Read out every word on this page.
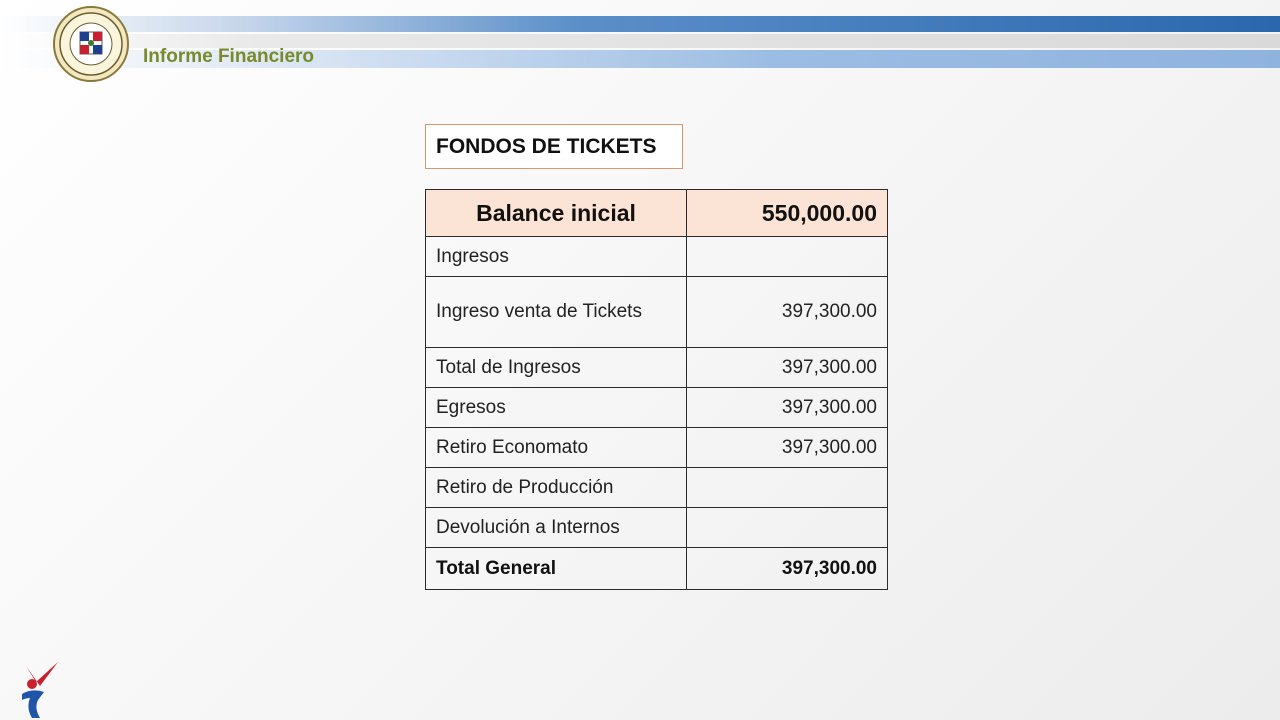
Informe Financiero
FONDOS DE TICKETS
Balance inicial	550,000.00
Ingresos	
Ingreso venta de Tickets	397,300.00
Total de Ingresos	397,300.00
Egresos	397,300.00
Retiro Economato	397,300.00
Retiro de Producción	
Devolución a Internos	
Total General	397,300.00
